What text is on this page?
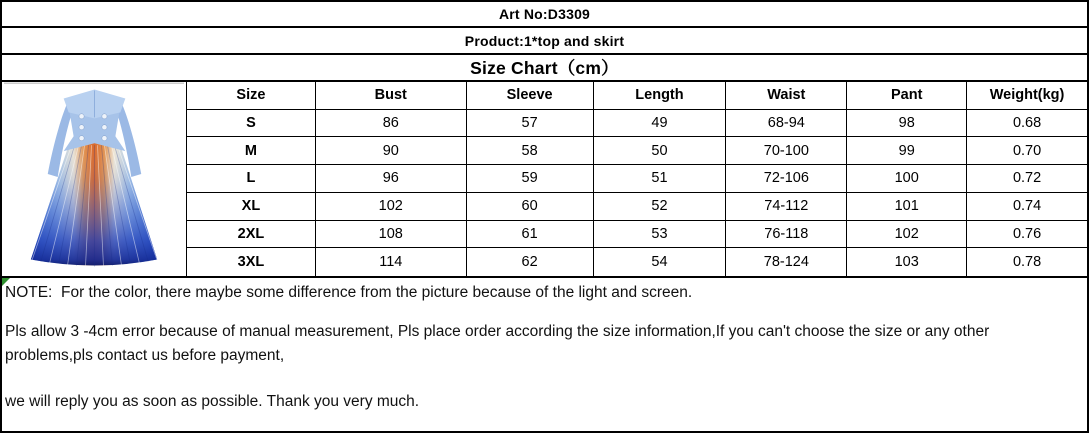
Art No:D3309
Product:1*top and skirt
Size Chart（cm）
Size	Bust	Sleeve	Length	Waist	Pant	Weight(kg)
S	86	57	49	68-94	98	0.68
M	90	58	50	70-100	99	0.70
L	96	59	51	72-106	100	0.72
XL	102	60	52	74-112	101	0.74
2XL	108	61	53	76-118	102	0.76
3XL	114	62	54	78-124	103	0.78

NOTE:  For the color, there maybe some difference from the picture because of the light and screen.

Pls allow 3 -4cm error because of manual measurement, Pls place order according the size information,If you can't choose the size or any other

problems,pls contact us before payment,

we will reply you as soon as possible. Thank you very much.
